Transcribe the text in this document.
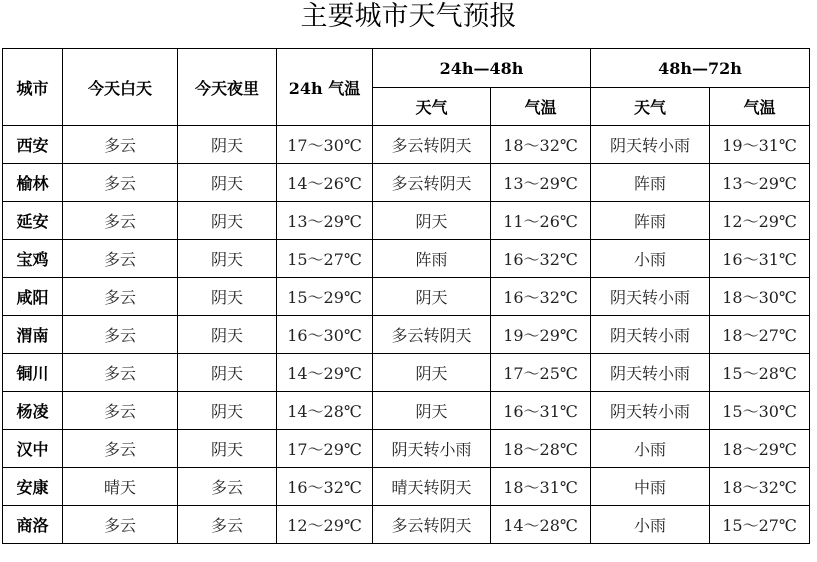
主要城市天气预报
城市	今天白天	今天夜里	24h 气温	24h—48h		48h—72h	
				天气	气温	天气	气温
西安	多云	阴天	17～30℃	多云转阴天	18～32℃	阴天转小雨	19～31℃
榆林	多云	阴天	14～26℃	多云转阴天	13～29℃	阵雨	13～29℃
延安	多云	阴天	13～29℃	阴天	11～26℃	阵雨	12～29℃
宝鸡	多云	阴天	15～27℃	阵雨	16～32℃	小雨	16～31℃
咸阳	多云	阴天	15～29℃	阴天	16～32℃	阴天转小雨	18～30℃
渭南	多云	阴天	16～30℃	多云转阴天	19～29℃	阴天转小雨	18～27℃
铜川	多云	阴天	14～29℃	阴天	17～25℃	阴天转小雨	15～28℃
杨凌	多云	阴天	14～28℃	阴天	16～31℃	阴天转小雨	15～30℃
汉中	多云	阴天	17～29℃	阴天转小雨	18～28℃	小雨	18～29℃
安康	晴天	多云	16～32℃	晴天转阴天	18～31℃	中雨	18～32℃
商洛	多云	多云	12～29℃	多云转阴天	14～28℃	小雨	15～27℃
